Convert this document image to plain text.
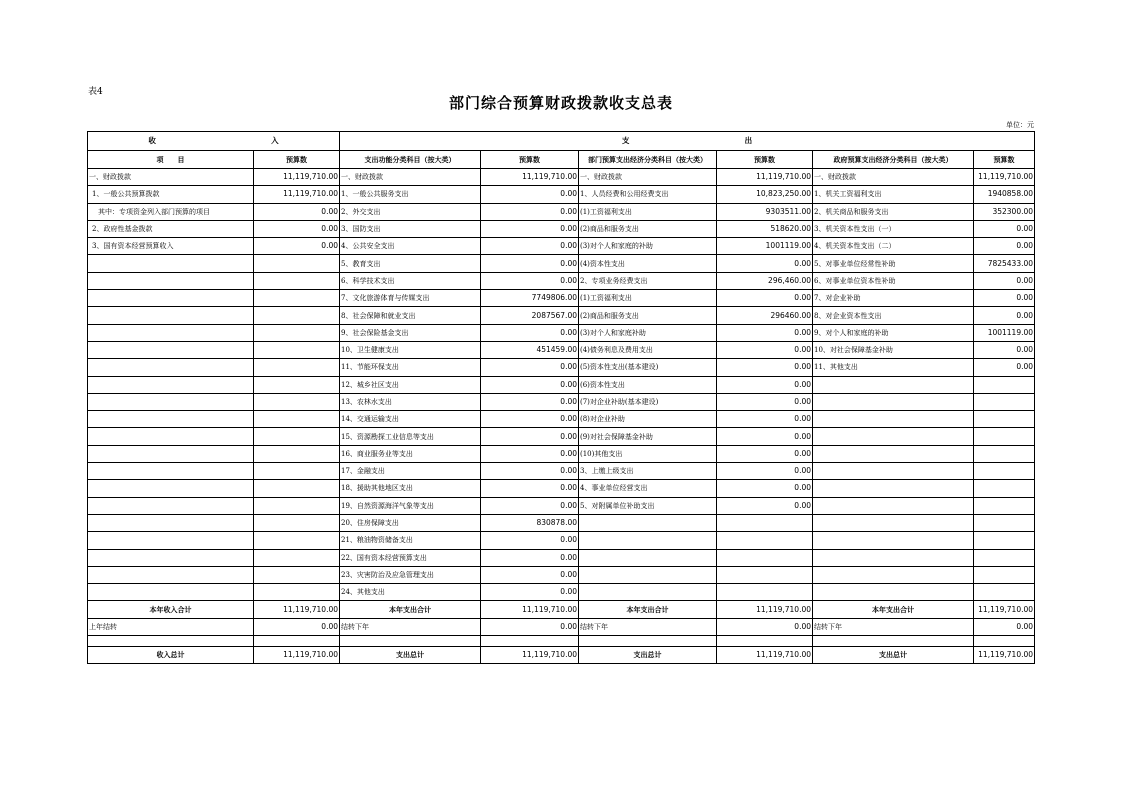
表4
部门综合预算财政拨款收支总表
单位：元
收 入		支 出					
项　　目	预算数	支出功能分类科目（按大类）	预算数	部门预算支出经济分类科目（按大类）	预算数	政府预算支出经济分类科目（按大类）	预算数
一、财政拨款	11,119,710.00	一、财政拨款	11,119,710.00	一、财政拨款	11,119,710.00	一、财政拨款	11,119,710.00
1、一般公共预算拨款	11,119,710.00	1、一般公共服务支出	0.00	1、人员经费和公用经费支出	10,823,250.00	1、机关工资福利支出	1940858.00
其中：专项资金列入部门预算的项目	0.00	2、外交支出	0.00	(1)工资福利支出	9303511.00	2、机关商品和服务支出	352300.00
2、政府性基金拨款	0.00	3、国防支出	0.00	(2)商品和服务支出	518620.00	3、机关资本性支出（一）	0.00
3、国有资本经营预算收入	0.00	4、公共安全支出	0.00	(3)对个人和家庭的补助	1001119.00	4、机关资本性支出（二）	0.00
		5、教育支出	0.00	(4)资本性支出	0.00	5、对事业单位经常性补助	7825433.00
		6、科学技术支出	0.00	2、专项业务经费支出	296,460.00	6、对事业单位资本性补助	0.00
		7、文化旅游体育与传媒支出	7749806.00	(1)工资福利支出	0.00	7、对企业补助	0.00
		8、社会保障和就业支出	2087567.00	(2)商品和服务支出	296460.00	8、对企业资本性支出	0.00
		9、社会保险基金支出	0.00	(3)对个人和家庭补助	0.00	9、对个人和家庭的补助	1001119.00
		10、卫生健康支出	451459.00	(4)债务利息及费用支出	0.00	10、对社会保障基金补助	0.00
		11、节能环保支出	0.00	(5)资本性支出(基本建设)	0.00	11、其他支出	0.00
		12、城乡社区支出	0.00	(6)资本性支出	0.00		
		13、农林水支出	0.00	(7)对企业补助(基本建设)	0.00		
		14、交通运输支出	0.00	(8)对企业补助	0.00		
		15、资源勘探工业信息等支出	0.00	(9)对社会保障基金补助	0.00		
		16、商业服务业等支出	0.00	(10)其他支出	0.00		
		17、金融支出	0.00	3、上缴上级支出	0.00		
		18、援助其他地区支出	0.00	4、事业单位经营支出	0.00		
		19、自然资源海洋气象等支出	0.00	5、对附属单位补助支出	0.00		
		20、住房保障支出	830878.00				
		21、粮油物资储备支出	0.00				
		22、国有资本经营预算支出	0.00				
		23、灾害防治及应急管理支出	0.00				
		24、其他支出	0.00				
本年收入合计	11,119,710.00	本年支出合计	11,119,710.00	本年支出合计	11,119,710.00	本年支出合计	11,119,710.00
上年结转	0.00	结转下年	0.00	结转下年	0.00	结转下年	0.00

收入总计	11,119,710.00	支出总计	11,119,710.00	支出总计	11,119,710.00	支出总计	11,119,710.00
